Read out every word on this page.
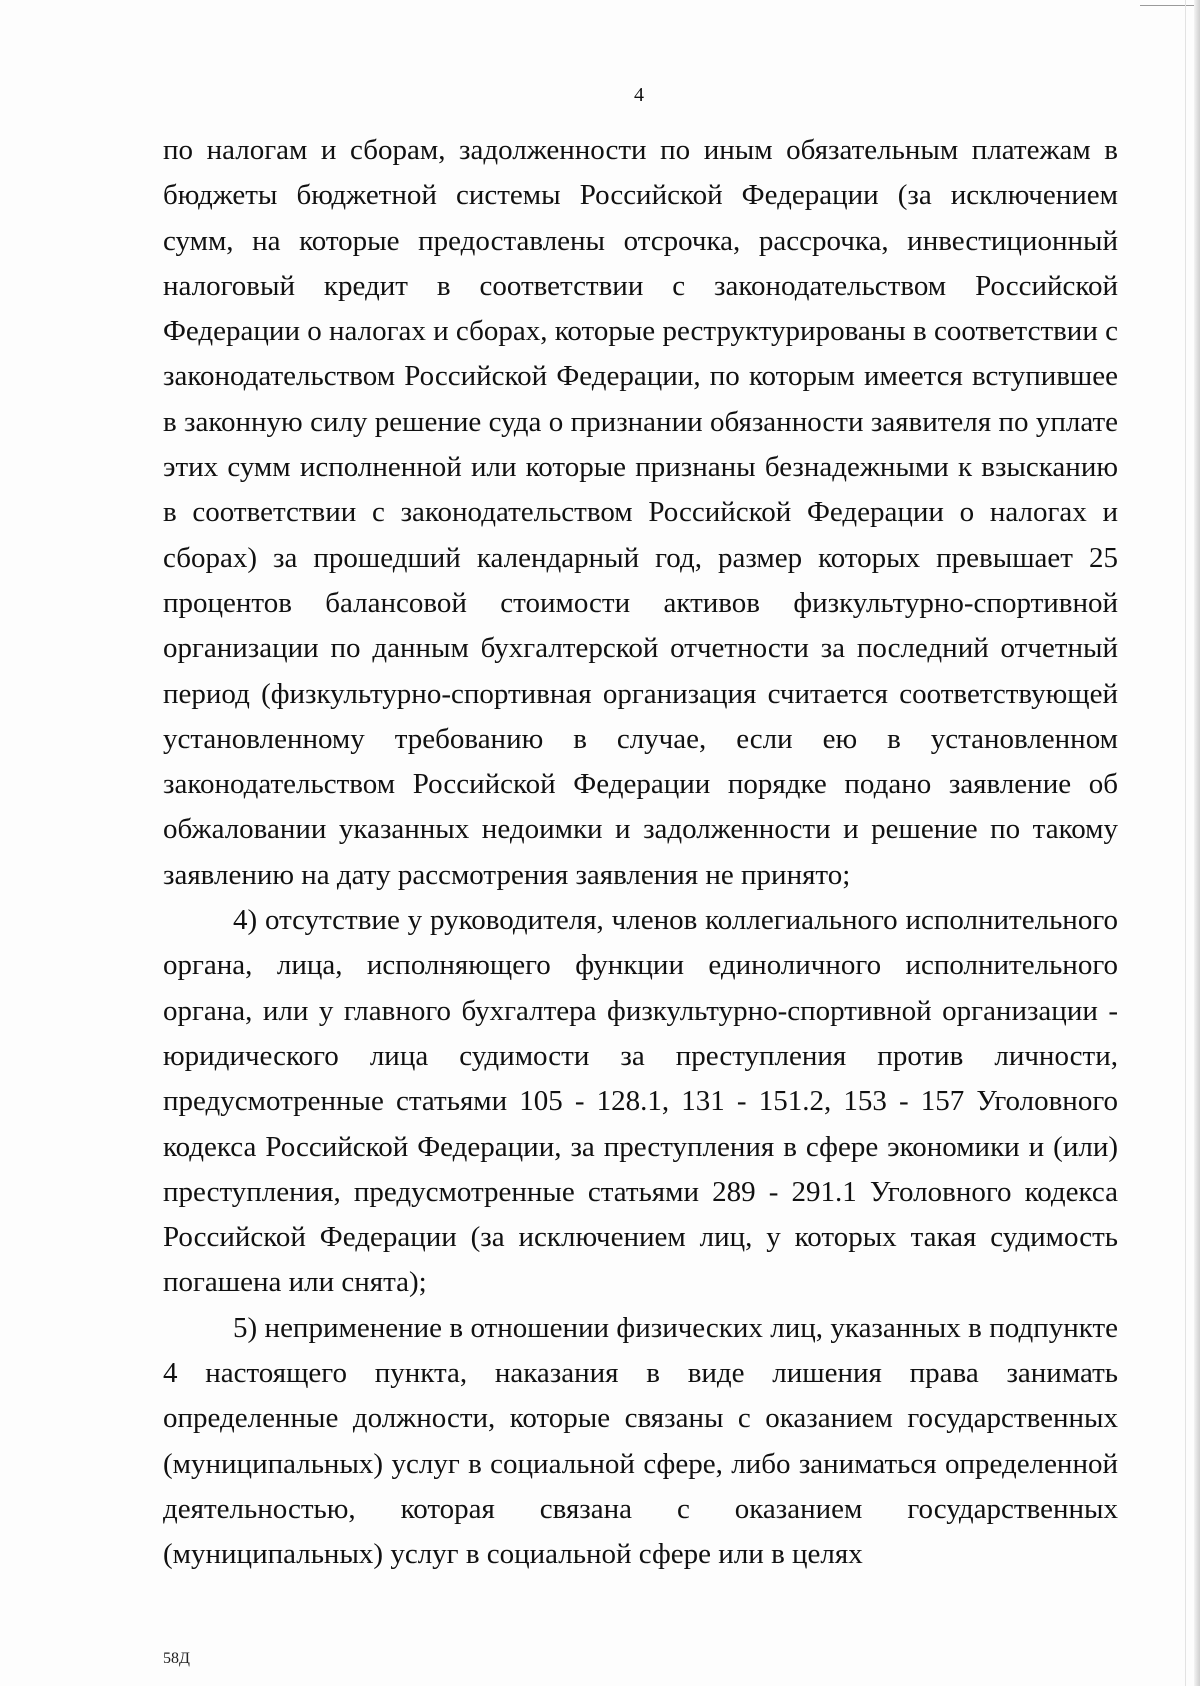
4

по налогам и сборам, задолженности по иным обязательным платежам в бюджеты бюджетной системы Российской Федерации (за исключением сумм, на которые предоставлены отсрочка, рассрочка, инвестиционный налоговый кредит в соответствии с законодательством Российской Федерации о налогах и сборах, которые реструктурированы в соответствии с законодательством Российской Федерации, по которым имеется вступившее в законную силу решение суда о признании обязанности заявителя по уплате этих сумм исполненной или которые признаны безнадежными к взысканию в соответствии с законодательством Российской Федерации о налогах и сборах) за прошедший календарный год, размер которых превышает 25 процентов балансовой стоимости активов физкультурно-спортивной организации по данным бухгалтерской отчетности за последний отчетный период (физкультурно-спортивная организация считается соответствующей установленному требованию в случае, если ею в установленном законодательством Российской Федерации порядке подано заявление об обжаловании указанных недоимки и задолженности и решение по такому заявлению на дату рассмотрения заявления не принято;

4) отсутствие у руководителя, членов коллегиального исполнительного органа, лица, исполняющего функции единоличного исполнительного органа, или у главного бухгалтера физкультурно-спортивной организации - юридического лица судимости за преступления против личности, предусмотренные статьями 105 - 128.1, 131 - 151.2, 153 - 157 Уголовного кодекса Российской Федерации, за преступления в сфере экономики и (или) преступления, предусмотренные статьями 289 - 291.1 Уголовного кодекса Российской Федерации (за исключением лиц, у которых такая судимость погашена или снята);

5) неприменение в отношении физических лиц, указанных в подпункте 4 настоящего пункта, наказания в виде лишения права занимать определенные должности, которые связаны с оказанием государственных (муниципальных) услуг в социальной сфере, либо заниматься определенной деятельностью, которая связана с оказанием государственных (муниципальных) услуг в социальной сфере или в целях

58Д
